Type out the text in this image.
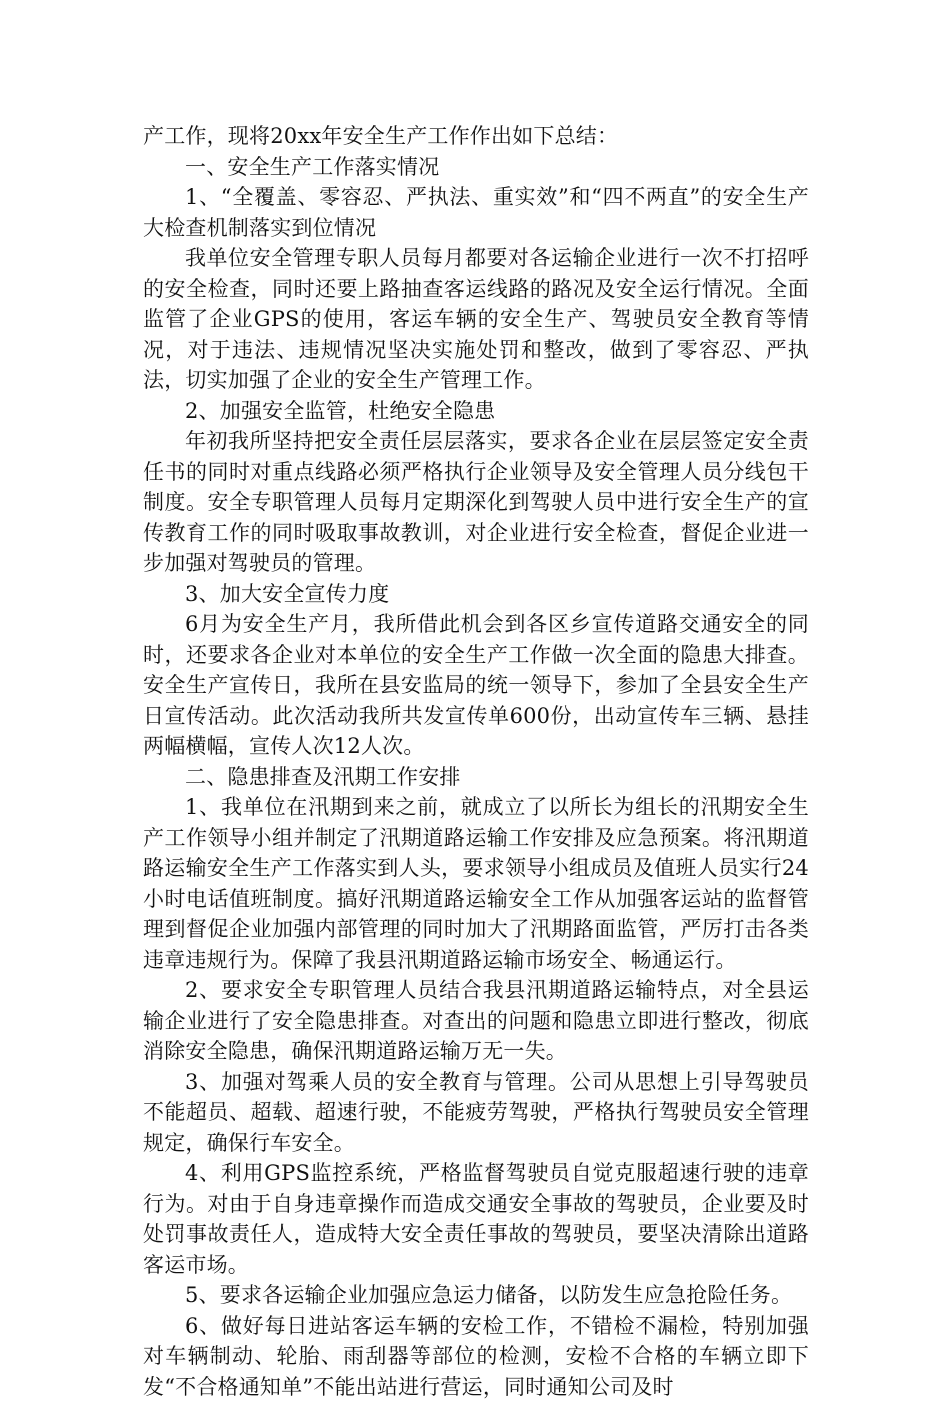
产工作，现将20xx年安全生产工作作出如下总结：

一、安全生产工作落实情况

1、“全覆盖、零容忍、严执法、重实效”和“四不两直”的安全生产大检查机制落实到位情况

我单位安全管理专职人员每月都要对各运输企业进行一次不打招呼的安全检查，同时还要上路抽查客运线路的路况及安全运行情况。全面监管了企业GPS的使用，客运车辆的安全生产、驾驶员安全教育等情况，对于违法、违规情况坚决实施处罚和整改，做到了零容忍、严执法，切实加强了企业的安全生产管理工作。

2、加强安全监管，杜绝安全隐患

年初我所坚持把安全责任层层落实，要求各企业在层层签定安全责任书的同时对重点线路必须严格执行企业领导及安全管理人员分线包干制度。安全专职管理人员每月定期深化到驾驶人员中进行安全生产的宣传教育工作的同时吸取事故教训，对企业进行安全检查，督促企业进一步加强对驾驶员的管理。

3、加大安全宣传力度

6月为安全生产月，我所借此机会到各区乡宣传道路交通安全的同时，还要求各企业对本单位的安全生产工作做一次全面的隐患大排查。安全生产宣传日，我所在县安监局的统一领导下，参加了全县安全生产日宣传活动。此次活动我所共发宣传单600份，出动宣传车三辆、悬挂两幅横幅，宣传人次12人次。

二、隐患排查及汛期工作安排

1、我单位在汛期到来之前，就成立了以所长为组长的汛期安全生产工作领导小组并制定了汛期道路运输工作安排及应急预案。将汛期道路运输安全生产工作落实到人头，要求领导小组成员及值班人员实行24小时电话值班制度。搞好汛期道路运输安全工作从加强客运站的监督管理到督促企业加强内部管理的同时加大了汛期路面监管，严厉打击各类违章违规行为。保障了我县汛期道路运输市场安全、畅通运行。

2、要求安全专职管理人员结合我县汛期道路运输特点，对全县运输企业进行了安全隐患排查。对查出的问题和隐患立即进行整改，彻底消除安全隐患，确保汛期道路运输万无一失。

3、加强对驾乘人员的安全教育与管理。公司从思想上引导驾驶员不能超员、超载、超速行驶，不能疲劳驾驶，严格执行驾驶员安全管理规定，确保行车安全。

4、利用GPS监控系统，严格监督驾驶员自觉克服超速行驶的违章行为。对由于自身违章操作而造成交通安全事故的驾驶员，企业要及时处罚事故责任人，造成特大安全责任事故的驾驶员，要坚决清除出道路客运市场。

5、要求各运输企业加强应急运力储备，以防发生应急抢险任务。

6、做好每日进站客运车辆的安检工作，不错检不漏检，特别加强对车辆制动、轮胎、雨刮器等部位的检测，安检不合格的车辆立即下发“不合格通知单”不能出站进行营运，同时通知公司及时
